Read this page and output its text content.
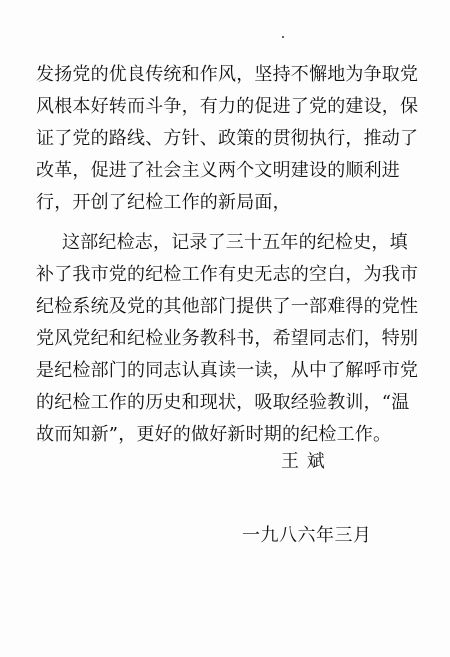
发扬党的优良传统和作风，坚持不懈地为争取党
风根本好转而斗争，有力的促进了党的建设，保
证了党的路线、方针、政策的贯彻执行，推动了
改革，促进了社会主义两个文明建设的顺利进
行，开创了纪检工作的新局面，
这部纪检志，记录了三十五年的纪检史，填
补了我市党的纪检工作有史无志的空白，为我市
纪检系统及党的其他部门提供了一部难得的党性
党风党纪和纪检业务教科书，希望同志们，特别
是纪检部门的同志认真读一读，从中了解呼市党
的纪检工作的历史和现状，吸取经验教训，“温
故而知新”，更好的做好新时期的纪检工作。
王 斌
一九八六年三月
